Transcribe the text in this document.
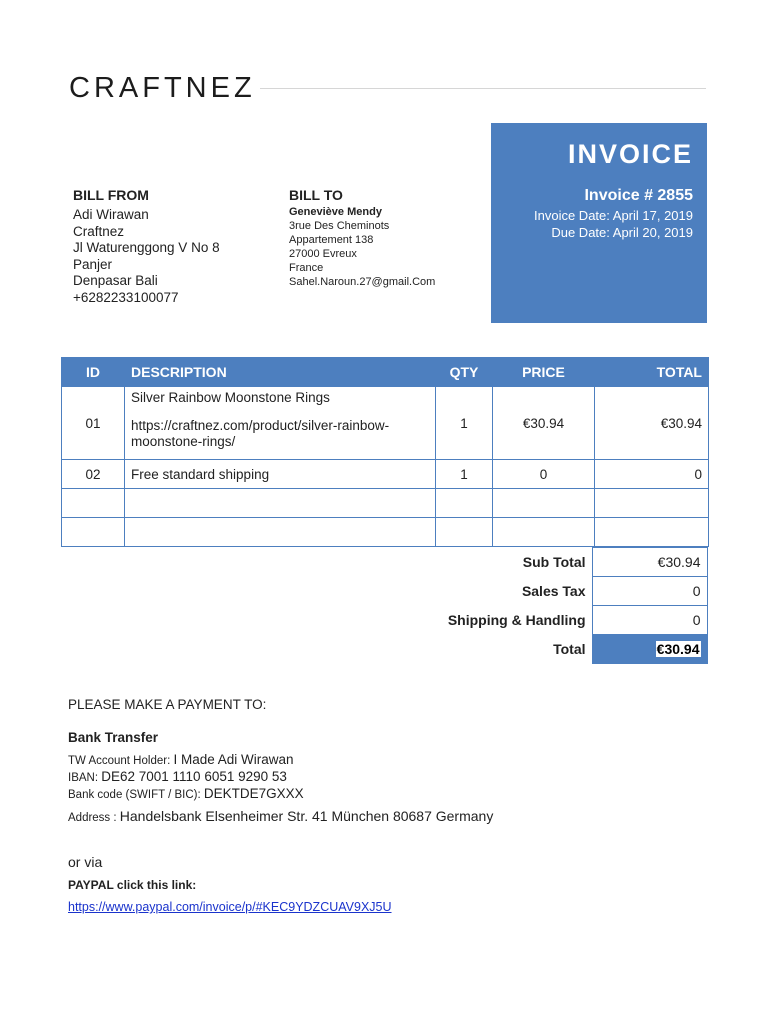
CRAFTNEZ
INVOICE
Invoice # 2855
Invoice Date: April 17, 2019
Due Date: April 20, 2019
BILL FROM
Adi Wirawan
Craftnez
Jl Waturenggong V No 8
Panjer
Denpasar Bali
+6282233100077
BILL TO
Geneviève Mendy
3rue Des Cheminots
Appartement 138
27000 Evreux
France
Sahel.Naroun.27@gmail.Com
ID	DESCRIPTION	QTY	PRICE	TOTAL
01	Silver Rainbow Moonstone Rings
https://craftnez.com/product/silver-rainbow-moonstone-rings/	1	€30.94	€30.94
02	Free standard shipping	1	0	0

Sub Total	€30.94
Sales Tax	0
Shipping & Handling	0
Total	€30.94
PLEASE MAKE A PAYMENT TO:
Bank Transfer
TW Account Holder: I Made Adi Wirawan
IBAN: DE62 7001 1110 6051 9290 53
Bank code (SWIFT / BIC): DEKTDE7GXXX
Address : Handelsbank Elsenheimer Str. 41 München 80687 Germany
or via
PAYPAL click this link:
https://www.paypal.com/invoice/p/#KEC9YDZCUAV9XJ5U
